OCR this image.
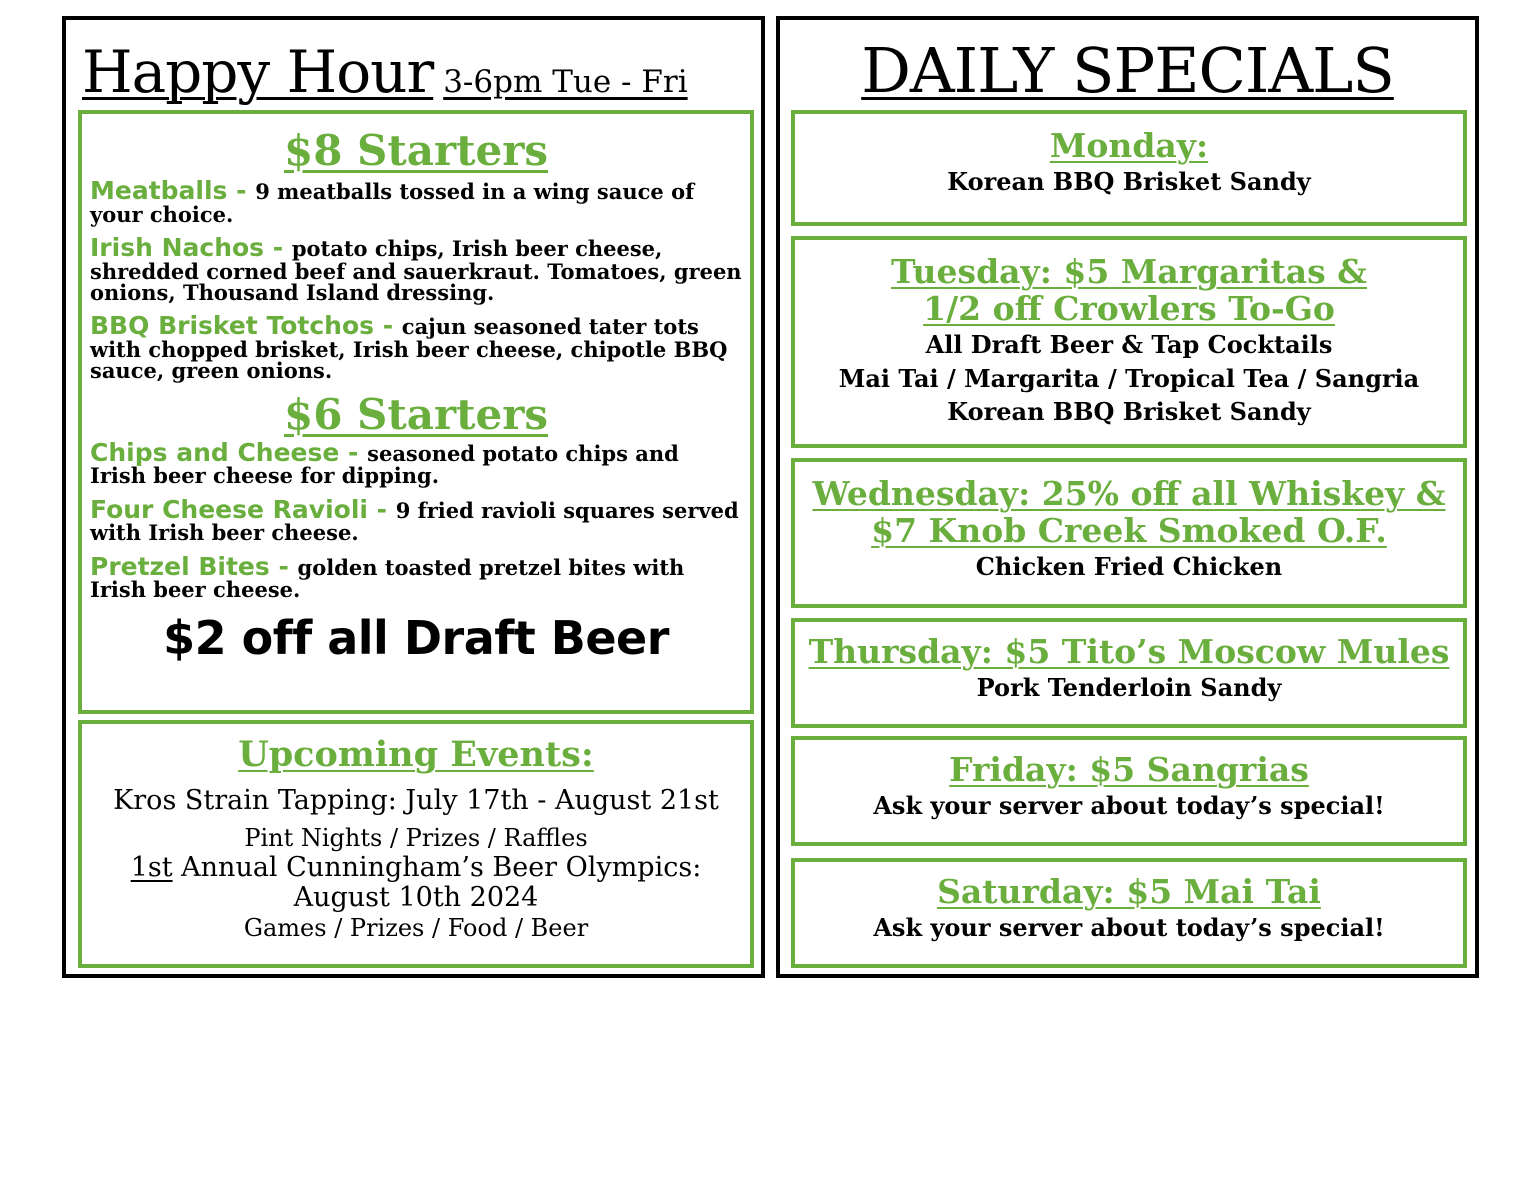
Happy Hour 3-6pm Tue - Fri
$8 Starters
Meatballs - 9 meatballs tossed in a wing sauce of your choice.
Irish Nachos - potato chips, Irish beer cheese, shredded corned beef and sauerkraut. Tomatoes, green onions, Thousand Island dressing.
BBQ Brisket Totchos - cajun seasoned tater tots with chopped brisket, Irish beer cheese, chipotle BBQ sauce, green onions.
$6 Starters
Chips and Cheese - seasoned potato chips and Irish beer cheese for dipping.
Four Cheese Ravioli - 9 fried ravioli squares served with Irish beer cheese.
Pretzel Bites - golden toasted pretzel bites with Irish beer cheese.
$2 off all Draft Beer
Upcoming Events:
Kros Strain Tapping: July 17th - August 21st
Pint Nights / Prizes / Raffles
1st Annual Cunningham’s Beer Olympics:
August 10th 2024
Games / Prizes / Food / Beer
DAILY SPECIALS
Monday:
Korean BBQ Brisket Sandy
Tuesday: $5 Margaritas &
1/2 off Crowlers To-Go
All Draft Beer & Tap Cocktails
Mai Tai / Margarita / Tropical Tea / Sangria
Korean BBQ Brisket Sandy
Wednesday: 25% off all Whiskey &
$7 Knob Creek Smoked O.F.
Chicken Fried Chicken
Thursday: $5 Tito’s Moscow Mules
Pork Tenderloin Sandy
Friday: $5 Sangrias
Ask your server about today’s special!
Saturday: $5 Mai Tai
Ask your server about today’s special!
